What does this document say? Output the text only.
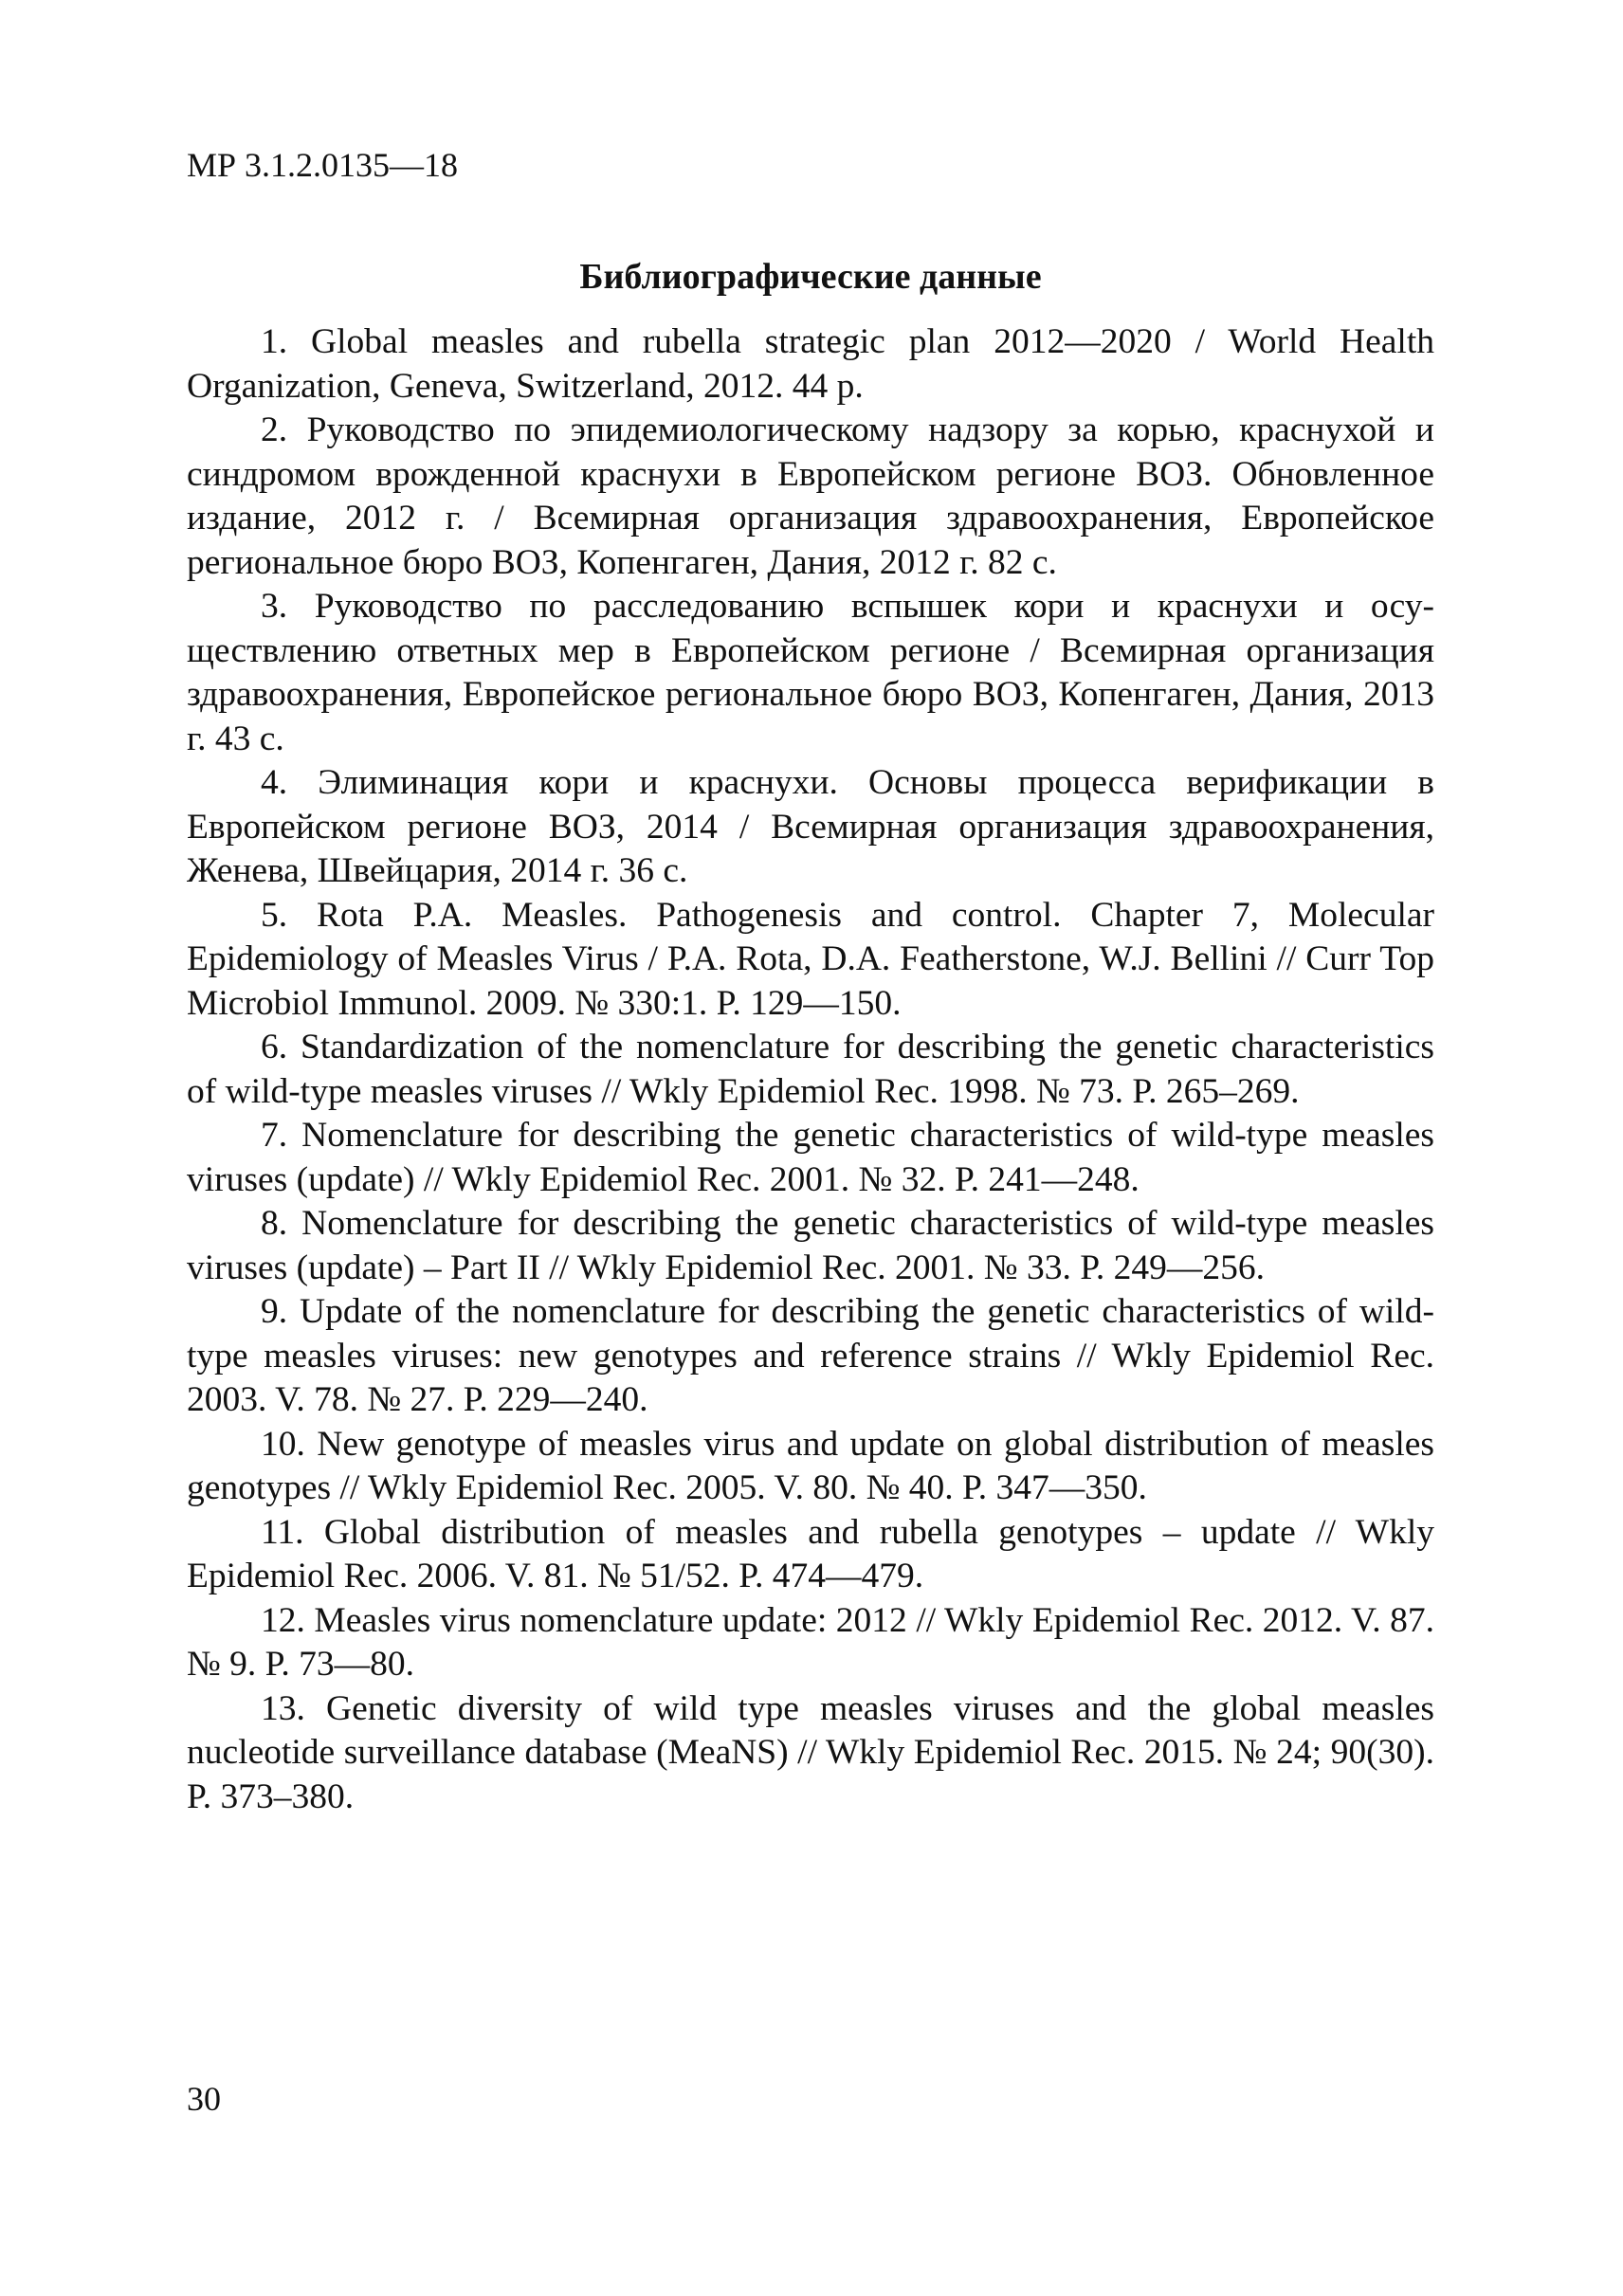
МР 3.1.2.0135—18
Библиографические данные
1. Global measles and rubella strategic plan 2012—2020 / World Health Organization, Geneva, Switzerland, 2012. 44 p.
2. Руководство по эпидемиологическому надзору за корью, краснухой и синдромом врожденной краснухи в Европейском регионе ВОЗ. Обновленное издание, 2012 г. / Всемирная организация здравоохранения, Европейское региональное бюро ВОЗ, Копенгаген, Дания, 2012 г. 82 с.
3. Руководство по расследованию вспышек кори и краснухи и осуществлению ответных мер в Европейском регионе / Всемирная организация здравоохранения, Европейское региональное бюро ВОЗ, Копенгаген, Дания, 2013 г. 43 с.
4. Элиминация кори и краснухи. Основы процесса верификации в Европейском регионе ВОЗ, 2014 / Всемирная организация здравоохранения, Женева, Швейцария, 2014 г. 36 с.
5. Rota P.A. Measles. Pathogenesis and control. Chapter 7, Molecular Epidemiology of Measles Virus / P.A. Rota, D.A. Featherstone, W.J. Bellini // Curr Top Microbiol Immunol. 2009. № 330:1. P. 129—150.
6. Standardization of the nomenclature for describing the genetic characteristics of wild-type measles viruses // Wkly Epidemiol Rec. 1998. № 73. P. 265–269.
7. Nomenclature for describing the genetic characteristics of wild-type measles viruses (update) // Wkly Epidemiol Rec. 2001. № 32. P. 241—248.
8. Nomenclature for describing the genetic characteristics of wild-type measles viruses (update) – Part II // Wkly Epidemiol Rec. 2001. № 33. P. 249—256.
9. Update of the nomenclature for describing the genetic characteristics of wild-type measles viruses: new genotypes and reference strains // Wkly Epidemiol Rec. 2003. V. 78. № 27. P. 229—240.
10. New genotype of measles virus and update on global distribution of measles genotypes // Wkly Epidemiol Rec. 2005. V. 80. № 40. P. 347—350.
11. Global distribution of measles and rubella genotypes – update // Wkly Epidemiol Rec. 2006. V. 81. № 51/52. P. 474—479.
12. Measles virus nomenclature update: 2012 // Wkly Epidemiol Rec. 2012. V. 87. № 9. P. 73—80.
13. Genetic diversity of wild type measles viruses and the global measles nucleotide surveillance database (MeaNS) // Wkly Epidemiol Rec. 2015. № 24; 90(30). P. 373–380.
30
